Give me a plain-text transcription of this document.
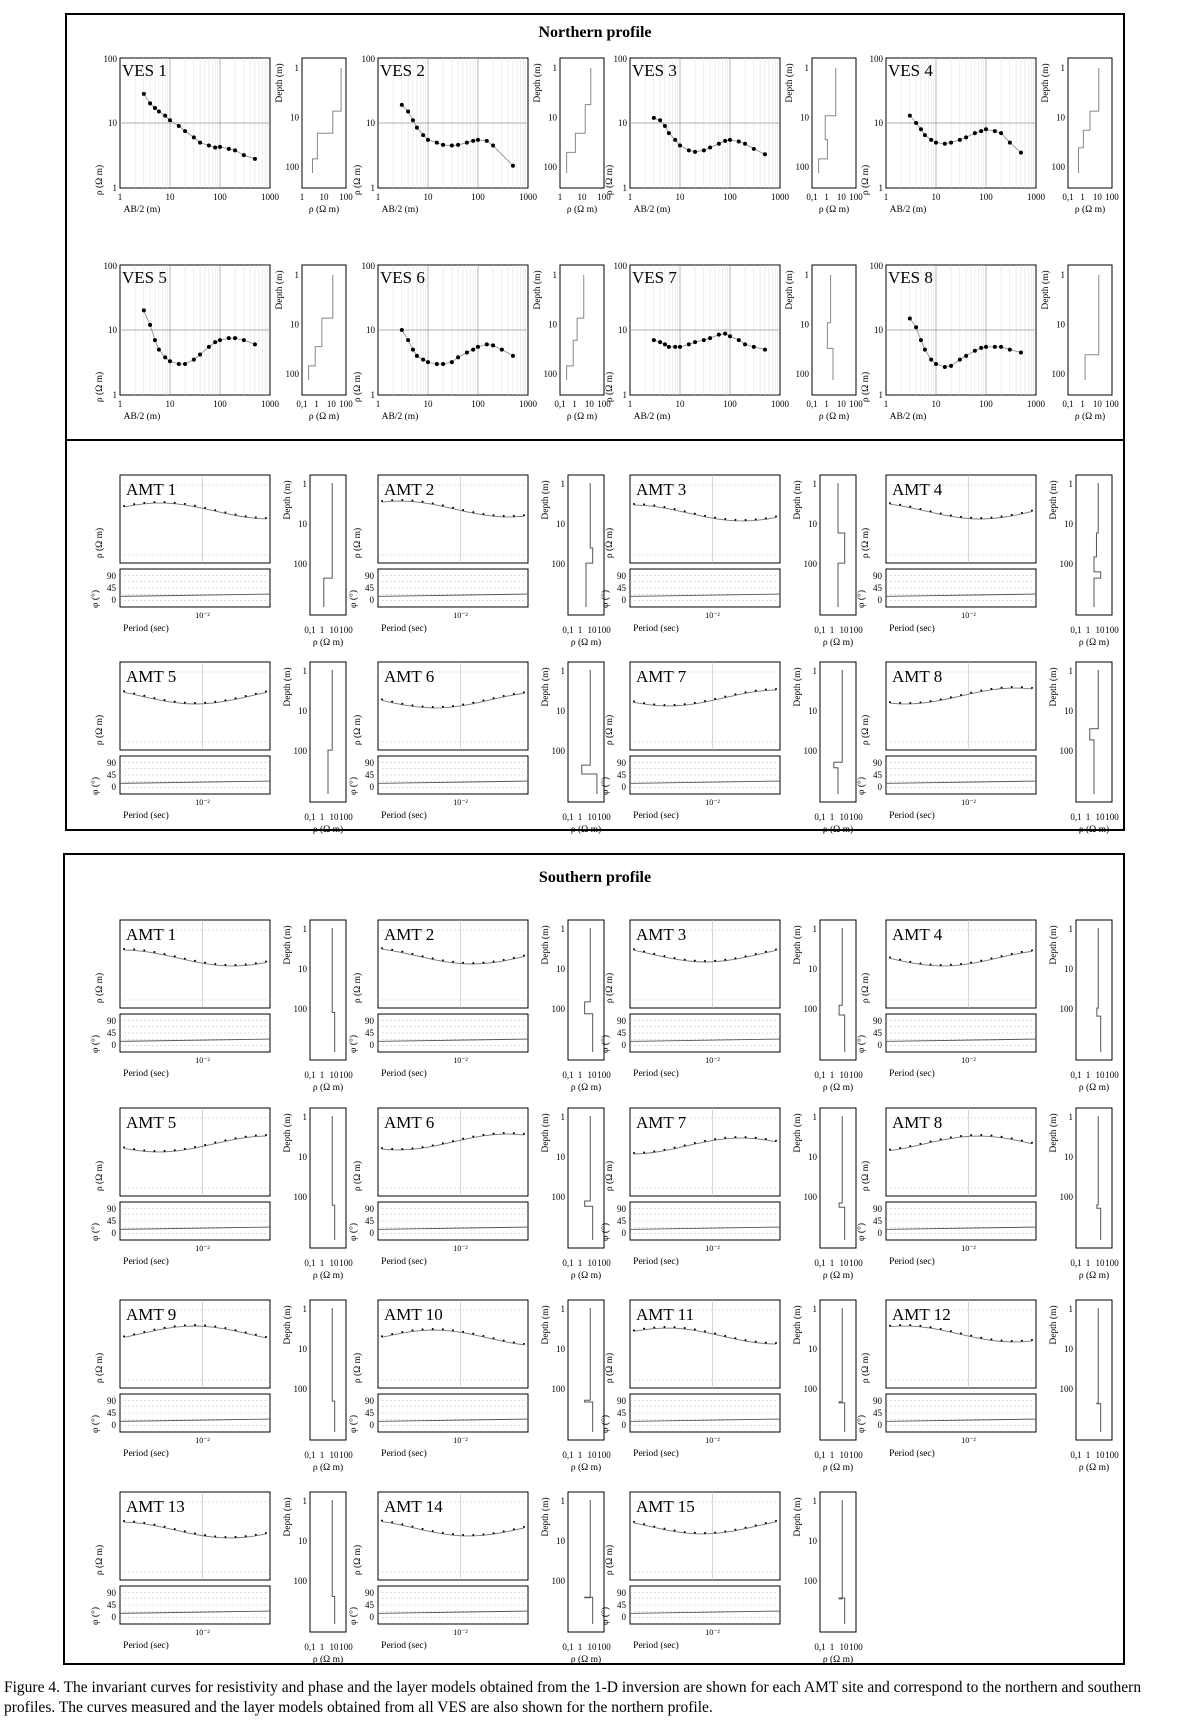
Northern profile
Southern profile
VES 1
100
10
1
1	10	100	1000
AB/2 (m)
ρ (Ω m)
1
10
100
Depth (m)
1 10 100
ρ (Ω m)
VES 2
100
10
1
1	10	100	1000
AB/2 (m)
ρ (Ω m)
1
10
100
Depth (m)
1 10 100
ρ (Ω m)
VES 3
100
10
1
1	10	100	1000
AB/2 (m)
ρ (Ω m)
1
10
100
Depth (m)
0,1 1 10 100
ρ (Ω m)
VES 4
100
10
1
1	10	100	1000
AB/2 (m)
ρ (Ω m)
1
10
100
Depth (m)
0,1 1 10 100
ρ (Ω m)
VES 5
100
10
1
1	10	100	1000
AB/2 (m)
ρ (Ω m)
1
10
100
Depth (m)
0,1 1 10 100
ρ (Ω m)
VES 6
100
10
1
1	10	100	1000
AB/2 (m)
ρ (Ω m)
1
10
100
Depth (m)
0,1 1 10 100
ρ (Ω m)
VES 7
100
10
1
1	10	100	1000
AB/2 (m)
ρ (Ω m)
1
10
100
Depth (m)
0,1 1 10 100
ρ (Ω m)
VES 8
100
10
1
1	10	100	1000
AB/2 (m)
ρ (Ω m)
1
10
100
Depth (m)
0,1 1 10 100
ρ (Ω m)
AMT 1
ρ (Ω m)
90
45
0
φ (°)
10⁻²
Period (sec)
1
10
100
Depth (m)
0,1 1 10 100
ρ (Ω m)
AMT 2
ρ (Ω m)
90
45
0
φ (°)
10⁻²
Period (sec)
1
10
100
Depth (m)
0,1 1 10 100
ρ (Ω m)
AMT 3
ρ (Ω m)
90
45
0
φ (°)
10⁻²
Period (sec)
1
10
100
Depth (m)
0,1 1 10 100
ρ (Ω m)
AMT 4
ρ (Ω m)
90
45
0
φ (°)
10⁻²
Period (sec)
1
10
100
Depth (m)
0,1 1 10 100
ρ (Ω m)
AMT 5
ρ (Ω m)
90
45
0
φ (°)
10⁻²
Period (sec)
1
10
100
Depth (m)
0,1 1 10 100
ρ (Ω m)
AMT 6
ρ (Ω m)
90
45
0
φ (°)
10⁻²
Period (sec)
1
10
100
Depth (m)
0,1 1 10 100
ρ (Ω m)
AMT 7
ρ (Ω m)
90
45
0
φ (°)
10⁻²
Period (sec)
1
10
100
Depth (m)
0,1 1 10 100
ρ (Ω m)
AMT 8
ρ (Ω m)
90
45
0
φ (°)
10⁻²
Period (sec)
1
10
100
Depth (m)
0,1 1 10 100
ρ (Ω m)
AMT 1
ρ (Ω m)
90
45
0
φ (°)
10⁻²
Period (sec)
1
10
100
Depth (m)
0,1 1 10 100
ρ (Ω m)
AMT 2
ρ (Ω m)
90
45
0
φ (°)
10⁻²
Period (sec)
1
10
100
Depth (m)
0,1 1 10 100
ρ (Ω m)
AMT 3
ρ (Ω m)
90
45
0
φ (°)
10⁻²
Period (sec)
1
10
100
Depth (m)
0,1 1 10 100
ρ (Ω m)
AMT 4
ρ (Ω m)
90
45
0
φ (°)
10⁻²
Period (sec)
1
10
100
Depth (m)
0,1 1 10 100
ρ (Ω m)
AMT 5
ρ (Ω m)
90
45
0
φ (°)
10⁻²
Period (sec)
1
10
100
Depth (m)
0,1 1 10 100
ρ (Ω m)
AMT 6
ρ (Ω m)
90
45
0
φ (°)
10⁻²
Period (sec)
1
10
100
Depth (m)
0,1 1 10 100
ρ (Ω m)
AMT 7
ρ (Ω m)
90
45
0
φ (°)
10⁻²
Period (sec)
1
10
100
Depth (m)
0,1 1 10 100
ρ (Ω m)
AMT 8
ρ (Ω m)
90
45
0
φ (°)
10⁻²
Period (sec)
1
10
100
Depth (m)
0,1 1 10 100
ρ (Ω m)
AMT 9
ρ (Ω m)
90
45
0
φ (°)
10⁻²
Period (sec)
1
10
100
Depth (m)
0,1 1 10 100
ρ (Ω m)
AMT 10
ρ (Ω m)
90
45
0
φ (°)
10⁻²
Period (sec)
1
10
100
Depth (m)
0,1 1 10 100
ρ (Ω m)
AMT 11
ρ (Ω m)
90
45
0
φ (°)
10⁻²
Period (sec)
1
10
100
Depth (m)
0,1 1 10 100
ρ (Ω m)
AMT 12
ρ (Ω m)
90
45
0
φ (°)
10⁻²
Period (sec)
1
10
100
Depth (m)
0,1 1 10 100
ρ (Ω m)
AMT 13
ρ (Ω m)
90
45
0
φ (°)
10⁻²
Period (sec)
1
10
100
Depth (m)
0,1 1 10 100
ρ (Ω m)
AMT 14
ρ (Ω m)
90
45
0
φ (°)
10⁻²
Period (sec)
1
10
100
Depth (m)
0,1 1 10 100
ρ (Ω m)
AMT 15
ρ (Ω m)
90
45
0
φ (°)
10⁻²
Period (sec)
1
10
100
Depth (m)
0,1 1 10 100
ρ (Ω m)
Figure 4. The invariant curves for resistivity and phase and the layer models obtained from the 1-D inversion are shown for each AMT site and correspond to the northern and southern profiles. The curves measured and the layer models obtained from all VES are also shown for the northern profile.
